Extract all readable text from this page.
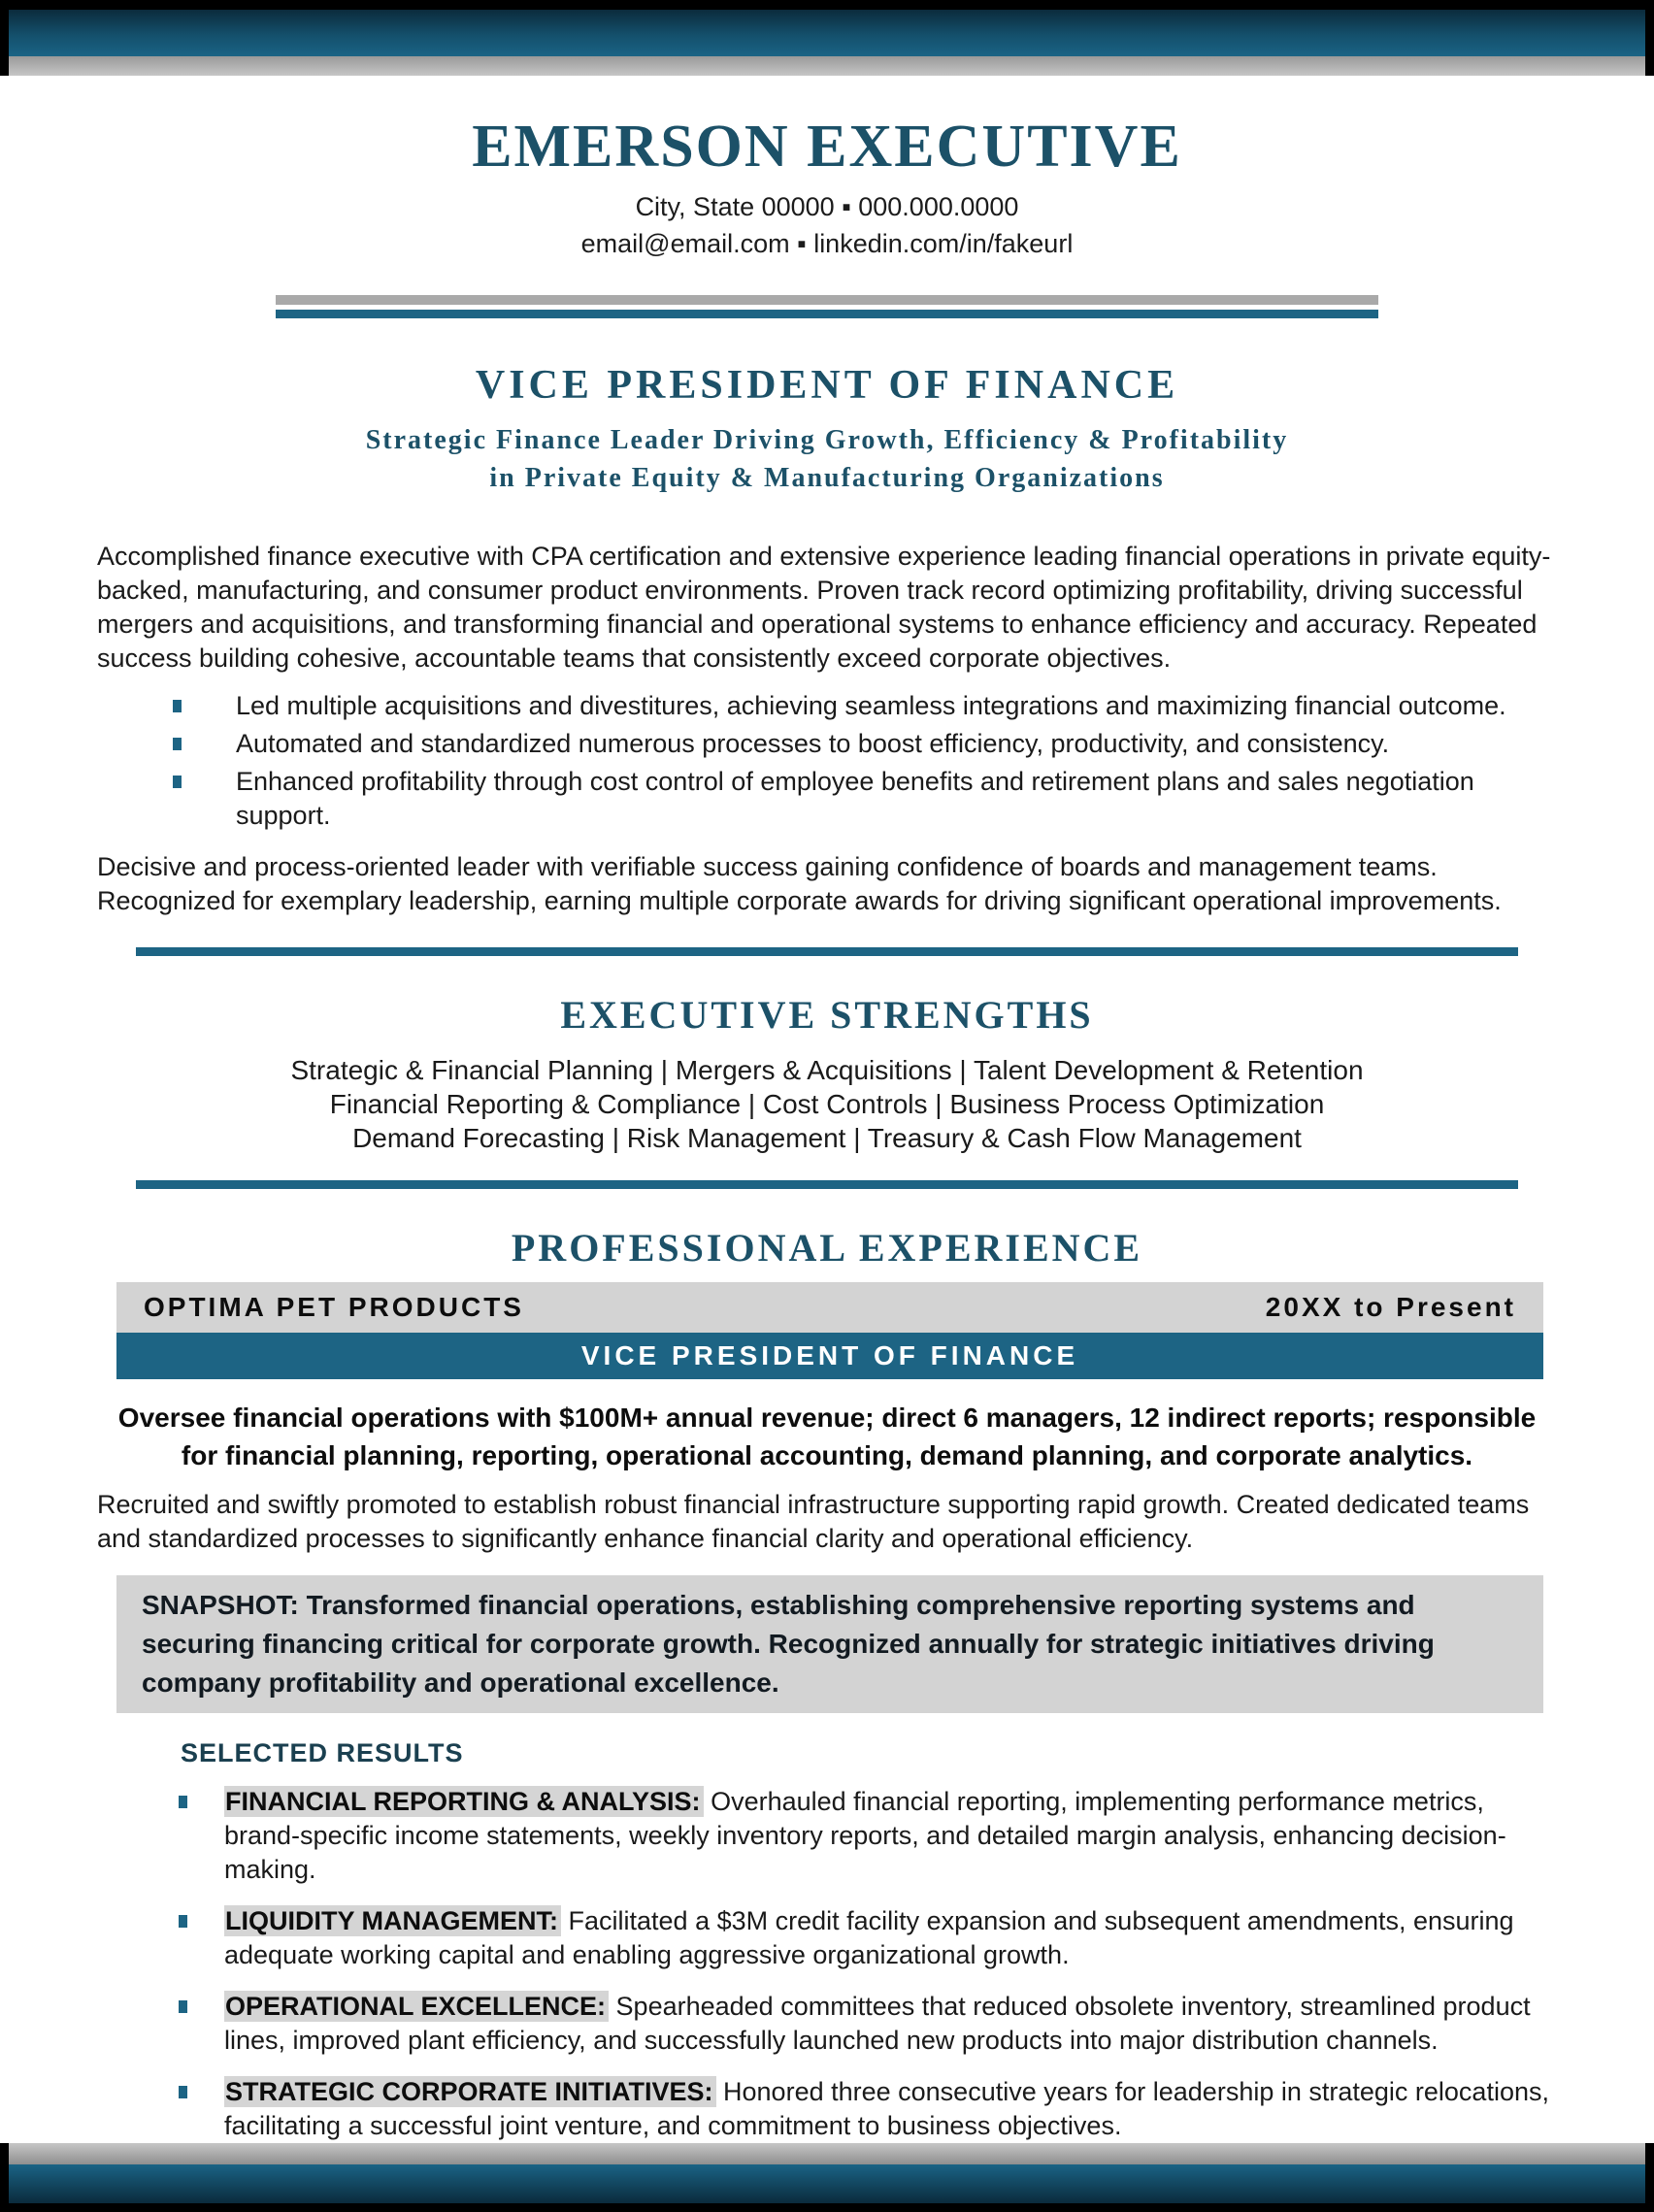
EMERSON EXECUTIVE
City, State 00000 ▪ 000.000.0000
email@email.com ▪ linkedin.com/in/fakeurl
VICE PRESIDENT OF FINANCE
Strategic Finance Leader Driving Growth, Efficiency & Profitability
in Private Equity & Manufacturing Organizations

Accomplished finance executive with CPA certification and extensive experience leading financial operations in private equity-backed, manufacturing, and consumer product environments. Proven track record optimizing profitability, driving successful mergers and acquisitions, and transforming financial and operational systems to enhance efficiency and accuracy. Repeated success building cohesive, accountable teams that consistently exceed corporate objectives.

Led multiple acquisitions and divestitures, achieving seamless integrations and maximizing financial outcome.
Automated and standardized numerous processes to boost efficiency, productivity, and consistency.
Enhanced profitability through cost control of employee benefits and retirement plans and sales negotiation support.

Decisive and process-oriented leader with verifiable success gaining confidence of boards and management teams. Recognized for exemplary leadership, earning multiple corporate awards for driving significant operational improvements.

EXECUTIVE STRENGTHS
Strategic & Financial Planning | Mergers & Acquisitions | Talent Development & Retention
Financial Reporting & Compliance | Cost Controls | Business Process Optimization
Demand Forecasting | Risk Management | Treasury & Cash Flow Management
PROFESSIONAL EXPERIENCE
OPTIMA PET PRODUCTS	20XX to Present
VICE PRESIDENT OF FINANCE

Oversee financial operations with $100M+ annual revenue; direct 6 managers, 12 indirect reports; responsible for financial planning, reporting, operational accounting, demand planning, and corporate analytics.

Recruited and swiftly promoted to establish robust financial infrastructure supporting rapid growth. Created dedicated teams and standardized processes to significantly enhance financial clarity and operational efficiency.

SNAPSHOT: Transformed financial operations, establishing comprehensive reporting systems and securing financing critical for corporate growth. Recognized annually for strategic initiatives driving company profitability and operational excellence.
SELECTED RESULTS
FINANCIAL REPORTING & ANALYSIS: Overhauled financial reporting, implementing performance metrics, brand-specific income statements, weekly inventory reports, and detailed margin analysis, enhancing decision-making.
LIQUIDITY MANAGEMENT: Facilitated a $3M credit facility expansion and subsequent amendments, ensuring adequate working capital and enabling aggressive organizational growth.
OPERATIONAL EXCELLENCE: Spearheaded committees that reduced obsolete inventory, streamlined product lines, improved plant efficiency, and successfully launched new products into major distribution channels.
STRATEGIC CORPORATE INITIATIVES: Honored three consecutive years for leadership in strategic relocations, facilitating a successful joint venture, and commitment to business objectives.
